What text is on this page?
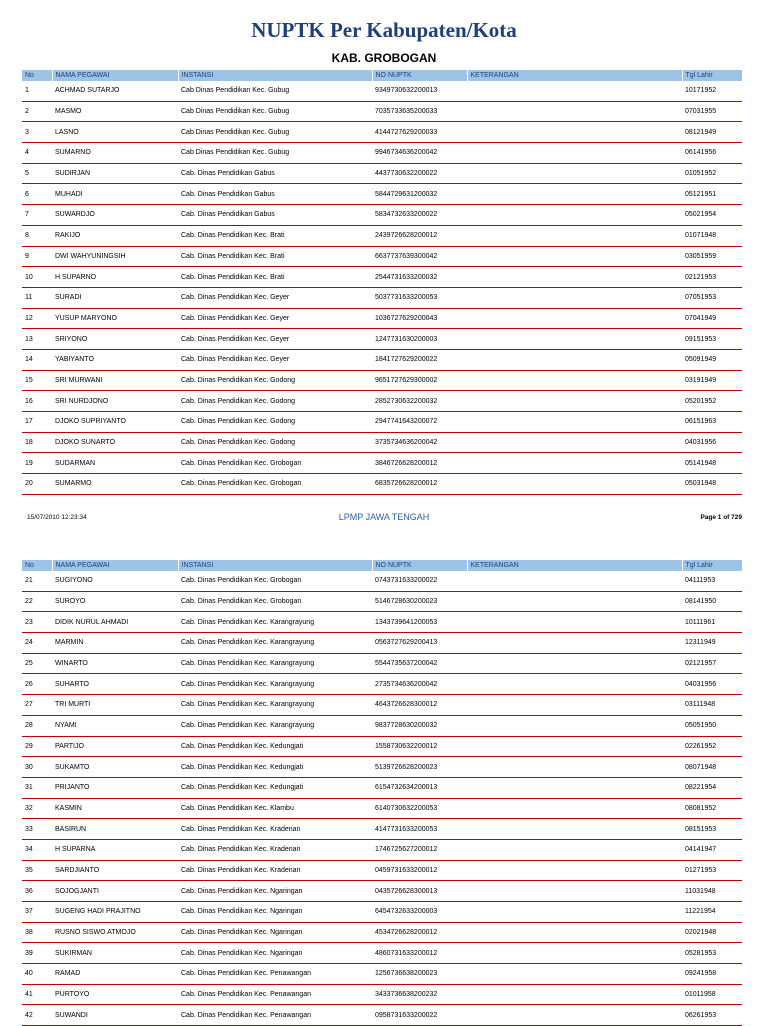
NUPTK Per Kabupaten/Kota
KAB. GROBOGAN
No	NAMA PEGAWAI	INSTANSI	NO NUPTK	KETERANGAN	Tgl Lahir
1	ACHMAD SUTARJO	Cab Dinas Pendidikan Kec. Gubug	9349730632200013		10171952
2	MASMO	Cab Dinas Pendidikan Kec. Gubug	7035733635200033		07031955
3	LASNO	Cab Dinas Pendidikan Kec. Gubug	4144727629200033		08121949
4	SUMARNO	Cab Dinas Pendidikan Kec. Gubug	9946734636200042		06141956
5	SUDIRJAN	Cab. Dinas Pendidikan Gabus	4437730632200022		01051952
6	MUHADI	Cab. Dinas Pendidikan Gabus	5844729631200032		05121951
7	SUWARDJO	Cab. Dinas Pendidikan Gabus	5834732633200022		05021954
8	RAKIJO	Cab. Dinas Pendidikan Kec. Brati	2439726628200012		01071948
9	DWI WAHYUNINGSIH	Cab. Dinas Pendidikan Kec. Brati	6637737639300042		03051959
10	H SUPARNO	Cab. Dinas Pendidikan Kec. Brati	2544731633200032		02121953
11	SURADI	Cab. Dinas Pendidikan Kec. Geyer	5037731633200053		07051953
12	YUSUP MARYONO	Cab. Dinas Pendidikan Kec. Geyer	1036727629200043		07041949
13	SRIYONO	Cab. Dinas Pendidikan Kec. Geyer	1247731630200003		09151953
14	YABIYANTO	Cab. Dinas Pendidikan Kec. Geyer	1841727629200022		05091949
15	SRI MURWANI	Cab. Dinas Pendidikan Kec. Godong	9651727629300002		03191949
16	SRI NURDJONO	Cab. Dinas Pendidikan Kec. Godong	2852730632200032		05201952
17	DJOKO SUPRIYANTO	Cab. Dinas Pendidikan Kec. Godong	2947741643200072		06151963
18	DJOKO SUNARTO	Cab. Dinas Pendidikan Kec. Godong	3735734636200042		04031956
19	SUDARMAN	Cab. Dinas Pendidikan Kec. Grobogan	3846726628200012		05141948
20	SUMARMO	Cab. Dinas Pendidikan Kec. Grobogan	6835726628200012		05031948
15/07/2010 12:23:34	LPMP JAWA TENGAH	Page 1 of 729
No	NAMA PEGAWAI	INSTANSI	NO NUPTK	KETERANGAN	Tgl Lahir
21	SUGIYONO	Cab. Dinas Pendidikan Kec. Grobogan	0743731633200022		04111953
22	SUROYO	Cab. Dinas Pendidikan Kec. Grobogan	5146728630200023		08141950
23	DIDIK NURUL AHMADI	Cab. Dinas Pendidikan Kec. Karangrayung	1343739641200053		10111961
24	MARMIN	Cab. Dinas Pendidikan Kec. Karangrayung	0563727629200413		12311949
25	WINARTO	Cab. Dinas Pendidikan Kec. Karangrayung	5544735637200042		02121957
26	SUHARTO	Cab. Dinas Pendidikan Kec. Karangrayung	2735734636200042		04031956
27	TRI MURTI	Cab. Dinas Pendidikan Kec. Karangrayung	4643726628300012		03111948
28	NYAMI	Cab. Dinas Pendidikan Kec. Karangrayung	9837728630200032		05051950
29	PARTIJO	Cab. Dinas Pendidikan Kec. Kedungjati	1558730632200012		02261952
30	SUKAMTO	Cab. Dinas Pendidikan Kec. Kedungjati	5139726628200023		08071948
31	PRIJANTO	Cab. Dinas Pendidikan Kec. Kedungjati	6154732634200013		08221954
32	KASMIN	Cab. Dinas Pendidikan Kec. Klambu	6140730632200053		08081952
33	BASIRUN	Cab. Dinas Pendidikan Kec. Kradenan	4147731633200053		08151953
34	H SUPARNA	Cab. Dinas Pendidikan Kec. Kradenan	1746725627200012		04141947
35	SARDJIANTO	Cab. Dinas Pendidikan Kec. Kradenan	0459731633200012		01271953
36	SOJOGJANTI	Cab. Dinas Pendidikan Kec. Ngaringan	0435726628300013		11031948
37	SUGENG HADI PRAJITNO	Cab. Dinas Pendidikan Kec. Ngaringan	6454732633200003		11221954
38	RUSNO SISWO ATMOJO	Cab. Dinas Pendidikan Kec. Ngaringan	4534726628200012		02021948
39	SUKIRMAN	Cab. Dinas Pendidikan Kec. Ngaringan	4860731633200012		05281953
40	RAMAD	Cab. Dinas Pendidikan Kec. Penawangan	1256736638200023		09241958
41	PURTOYO	Cab. Dinas Pendidikan Kec. Penawangan	3433736638200232		01011958
42	SUWANDI	Cab. Dinas Pendidikan Kec. Penawangan	0958731633200022		06261953
